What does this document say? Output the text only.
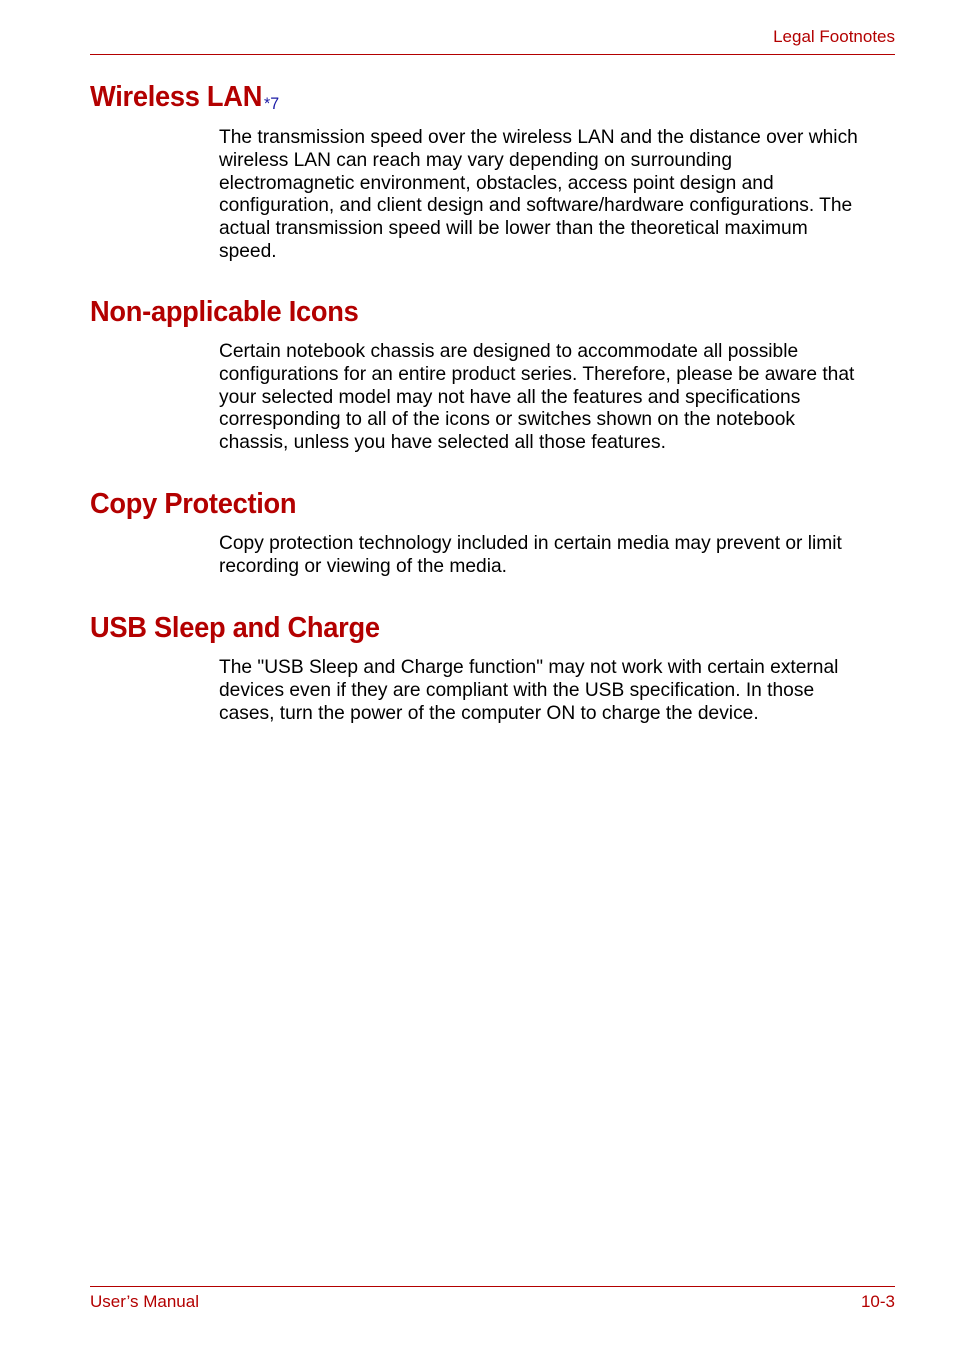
Legal Footnotes
Wireless LAN *7
The transmission speed over the wireless LAN and the distance over which
wireless LAN can reach may vary depending on surrounding
electromagnetic environment, obstacles, access point design and
configuration, and client design and software/hardware configurations. The
actual transmission speed will be lower than the theoretical maximum
speed.
Non-applicable Icons
Certain notebook chassis are designed to accommodate all possible
configurations for an entire product series. Therefore, please be aware that
your selected model may not have all the features and specifications
corresponding to all of the icons or switches shown on the notebook
chassis, unless you have selected all those features.
Copy Protection
Copy protection technology included in certain media may prevent or limit
recording or viewing of the media.
USB Sleep and Charge
The "USB Sleep and Charge function" may not work with certain external
devices even if they are compliant with the USB specification. In those
cases, turn the power of the computer ON to charge the device.
User’s Manual	10-3
